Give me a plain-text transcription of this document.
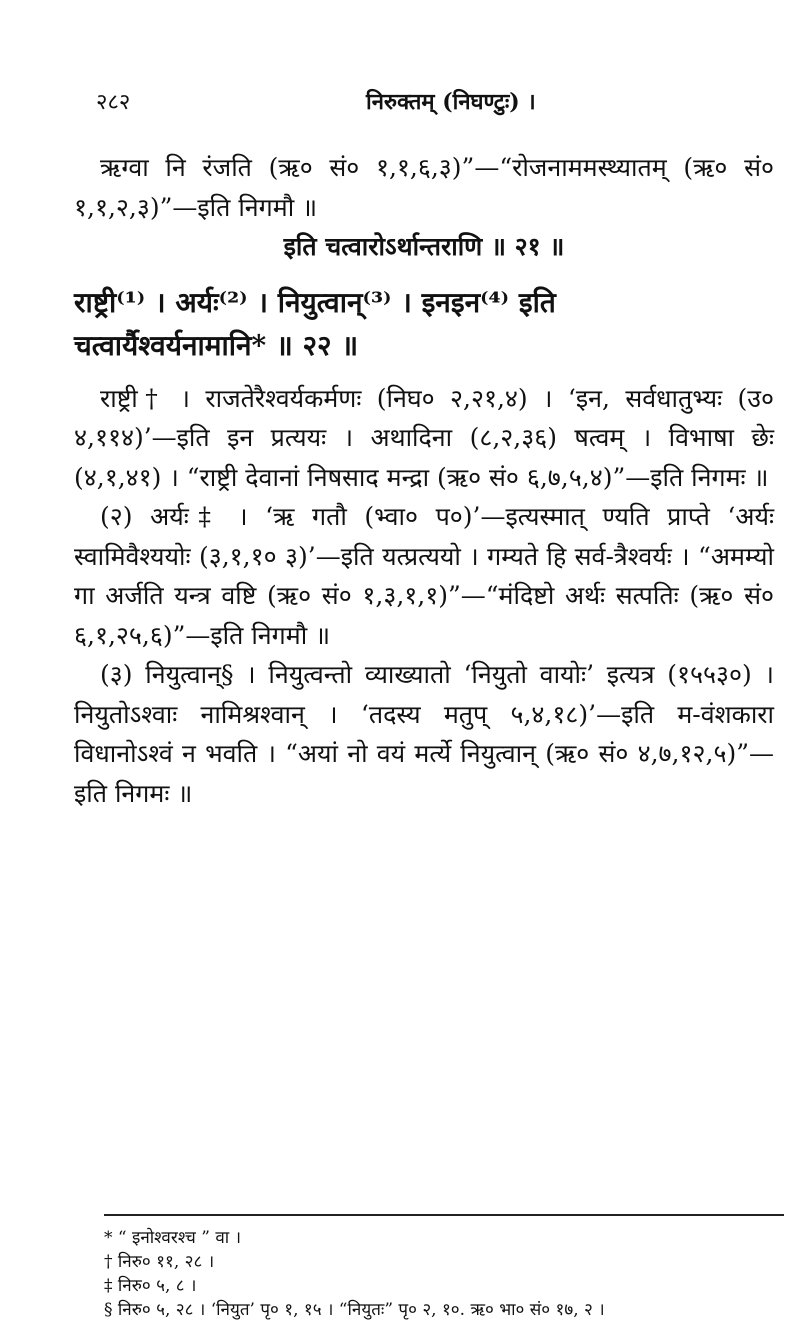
२८२	निरुक्तम् (निघण्टुः) ।

ऋग्वा नि रंजति (ऋ० सं० १,१,६,३)”—“रोजनाममस्थ्यातम् (ऋ० सं० १,१,२,३)”—इति निगमौ ॥

इति चत्वारोऽर्थान्तराणि ॥ २१ ॥

राष्ट्री⁽¹⁾ । अर्यः⁽²⁾ । नियुत्वान्⁽³⁾ । इनइन⁽⁴⁾ इति

चत्वार्यैश्वर्यनामानि* ॥ २२ ॥

राष्ट्री† । राजतेरैश्वर्यकर्मणः (निघ० २,२१,४) । ‘इन, सर्वधातुभ्यः (उ० ४,११४)’—इति इन प्रत्ययः । अथादिना (८,२,३६) षत्वम् । विभाषा छेः (४,१,४१) । “राष्ट्री देवानां निषसाद मन्द्रा (ऋ० सं० ६,७,५,४)”—इति निगमः ॥

(२) अर्यः‡ । ‘ऋ गतौ (भ्वा० प०)’—इत्यस्मात् ण्यति प्राप्ते ‘अर्यः स्वामिवैश्ययोः (३,१,१० ३)’—इति यत्प्रत्ययो । गम्यते हि सर्व-त्रैश्वर्यः । “अमम्यो गा अर्जति यन्त्र वष्टि (ऋ० सं० १,३,१,१)”—“मंदिष्टो अर्थः सत्पतिः (ऋ० सं० ६,१,२५,६)”—इति निगमौ ॥

(३) नियुत्वान्§ । नियुत्वन्तो व्याख्यातो ‘नियुतो वायोः’ इत्यत्र (१५५३०) । नियुतोऽश्वाः नामिश्रश्वान् । ‘तदस्य मतुप् ५,४,१८)’—इति म-वंशकारा विधानोऽश्वं न भवति । “अयां नो वयं मर्त्ये नियुत्वान् (ऋ० सं० ४,७,१२,५)”—इति निगमः ॥

* “ इनोश्वरश्च ” वा ।

† निरु० ११, २८ ।

‡ निरु० ५, ८ ।

§ निरु० ५, २८ । ‘नियुत’ पृ० १, १५ । “नियुतः” पृ० २, १०. ऋ० भा० सं० १७, २ ।
